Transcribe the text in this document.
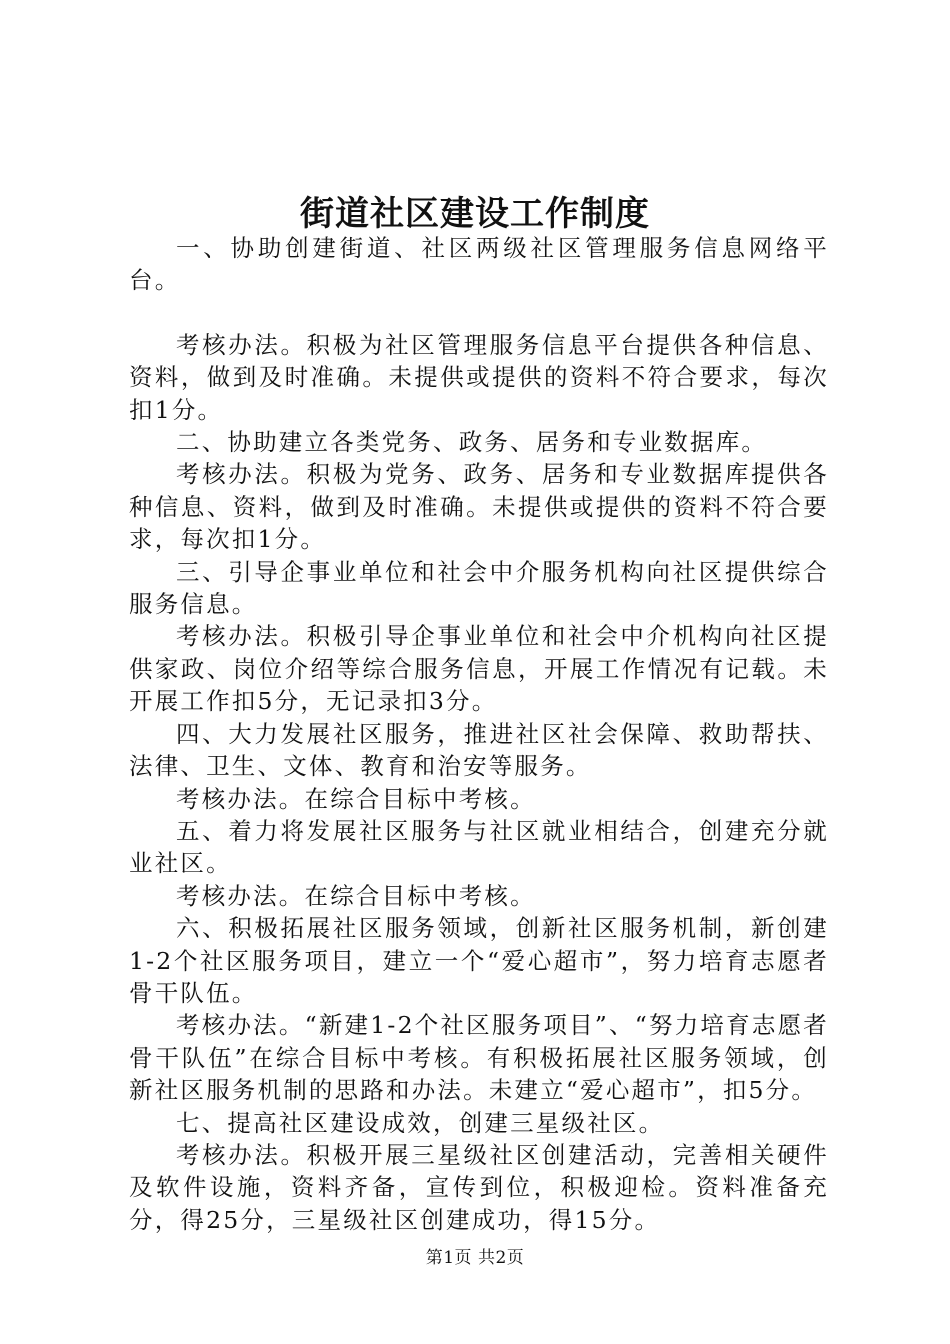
街道社区建设工作制度

一、协助创建街道、社区两级社区管理服务信息网络平台。

考核办法。积极为社区管理服务信息平台提供各种信息、资料，做到及时准确。未提供或提供的资料不符合要求，每次扣1分。

二、协助建立各类党务、政务、居务和专业数据库。

考核办法。积极为党务、政务、居务和专业数据库提供各种信息、资料，做到及时准确。未提供或提供的资料不符合要求，每次扣1分。

三、引导企事业单位和社会中介服务机构向社区提供综合服务信息。

考核办法。积极引导企事业单位和社会中介机构向社区提供家政、岗位介绍等综合服务信息，开展工作情况有记载。未开展工作扣5分，无记录扣3分。

四、大力发展社区服务，推进社区社会保障、救助帮扶、法律、卫生、文体、教育和治安等服务。

考核办法。在综合目标中考核。

五、着力将发展社区服务与社区就业相结合，创建充分就业社区。

考核办法。在综合目标中考核。

六、积极拓展社区服务领域，创新社区服务机制，新创建1-2个社区服务项目，建立一个“爱心超市”，努力培育志愿者骨干队伍。

考核办法。“新建1-2个社区服务项目”、“努力培育志愿者骨干队伍”在综合目标中考核。有积极拓展社区服务领域，创新社区服务机制的思路和办法。未建立“爱心超市”，扣5分。

七、提高社区建设成效，创建三星级社区。

考核办法。积极开展三星级社区创建活动，完善相关硬件及软件设施，资料齐备，宣传到位，积极迎检。资料准备充分，得25分，三星级社区创建成功，得15分。

第1页 共2页
